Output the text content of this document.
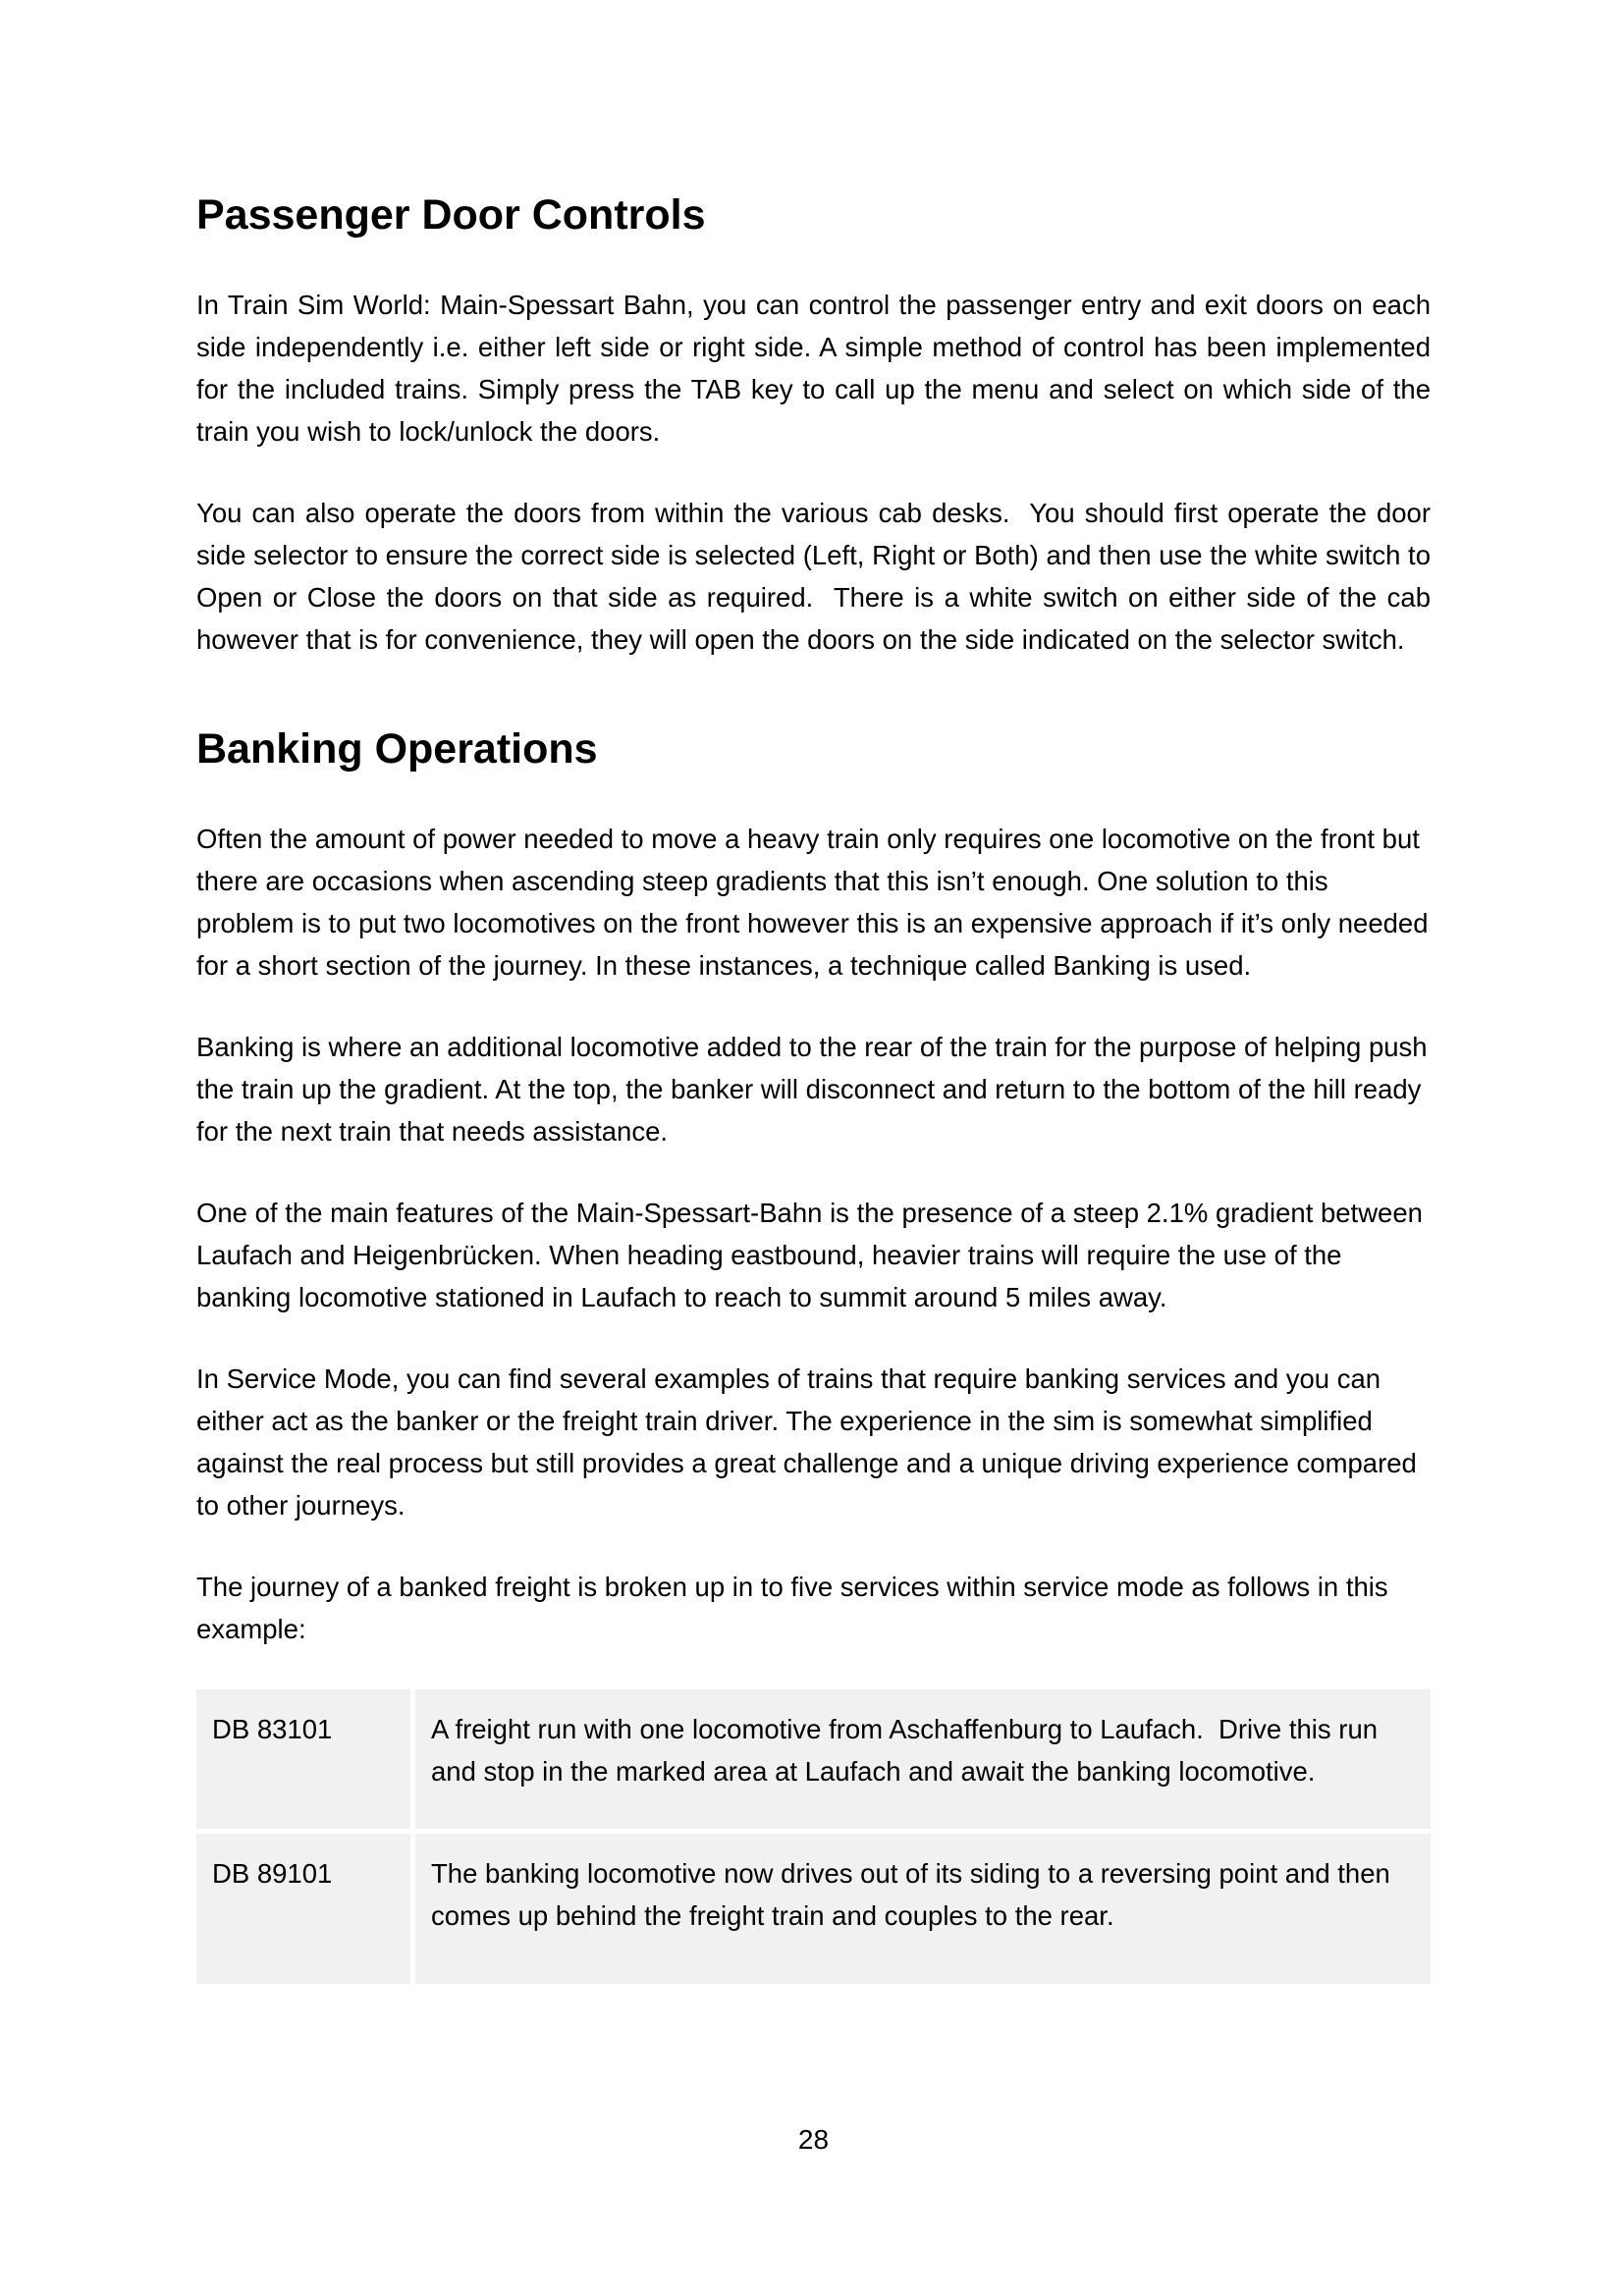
Passenger Door Controls

In Train Sim World: Main-Spessart Bahn, you can control the passenger entry and exit doors on each side independently i.e. either left side or right side. A simple method of control has been implemented for the included trains. Simply press the TAB key to call up the menu and select on which side of the train you wish to lock/unlock the doors.

You can also operate the doors from within the various cab desks.  You should first operate the door side selector to ensure the correct side is selected (Left, Right or Both) and then use the white switch to Open or Close the doors on that side as required.  There is a white switch on either side of the cab however that is for convenience, they will open the doors on the side indicated on the selector switch.

Banking Operations

Often the amount of power needed to move a heavy train only requires one locomotive on the front but there are occasions when ascending steep gradients that this isn’t enough. One solution to this problem is to put two locomotives on the front however this is an expensive approach if it’s only needed for a short section of the journey. In these instances, a technique called Banking is used.

Banking is where an additional locomotive added to the rear of the train for the purpose of helping push the train up the gradient. At the top, the banker will disconnect and return to the bottom of the hill ready for the next train that needs assistance.

One of the main features of the Main-Spessart-Bahn is the presence of a steep 2.1% gradient between Laufach and Heigenbrücken. When heading eastbound, heavier trains will require the use of the banking locomotive stationed in Laufach to reach to summit around 5 miles away.

In Service Mode, you can find several examples of trains that require banking services and you can either act as the banker or the freight train driver. The experience in the sim is somewhat simplified against the real process but still provides a great challenge and a unique driving experience compared to other journeys.

The journey of a banked freight is broken up in to five services within service mode as follows in this example:

DB 83101	A freight run with one locomotive from Aschaffenburg to Laufach.  Drive this run and stop in the marked area at Laufach and await the banking locomotive.
DB 89101	The banking locomotive now drives out of its siding to a reversing point and then comes up behind the freight train and couples to the rear.
28
